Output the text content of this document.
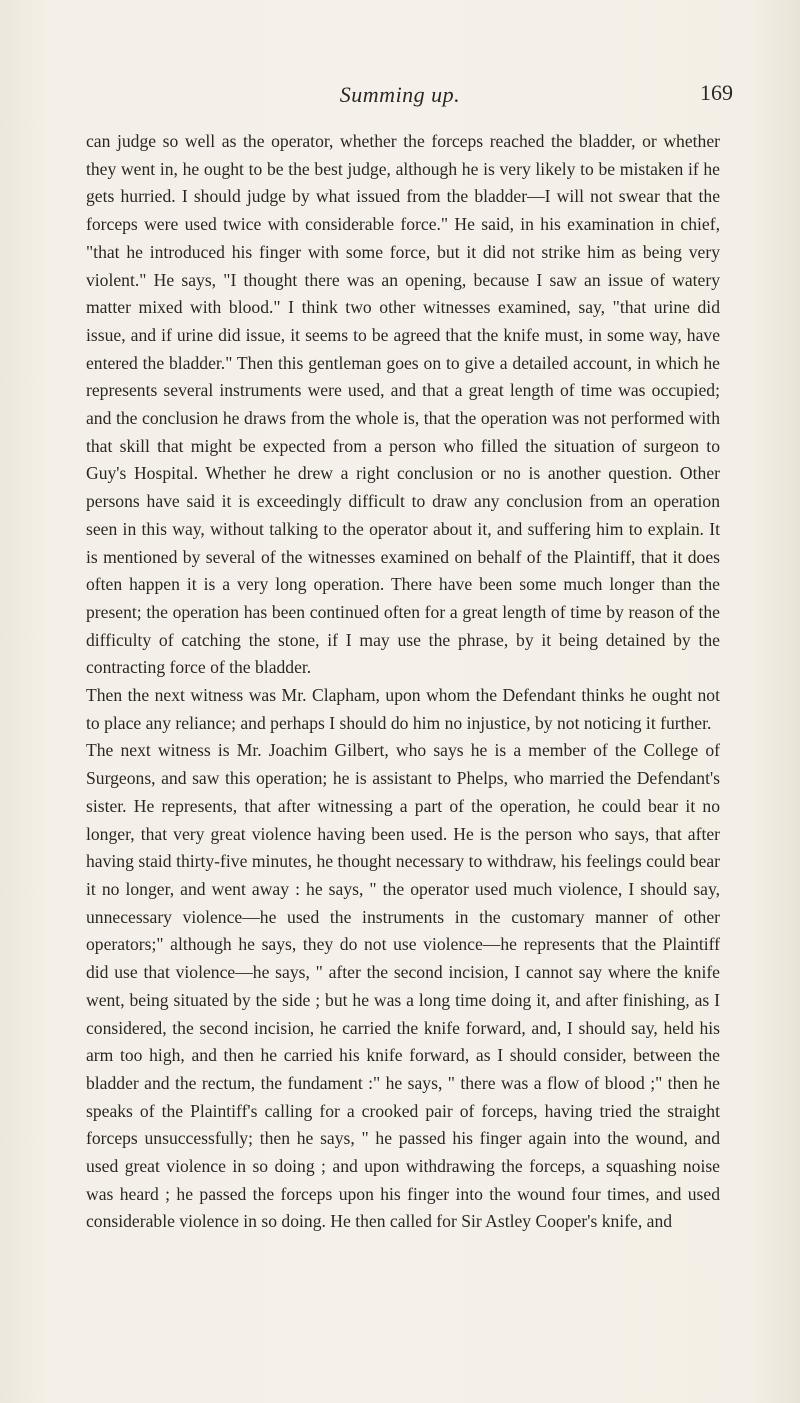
Summing up.	169

can judge so well as the operator, whether the forceps reached the bladder, or whether they went in, he ought to be the best judge, although he is very likely to be mistaken if he gets hurried. I should judge by what issued from the bladder—I will not swear that the forceps were used twice with considerable force." He said, in his examination in chief, "that he introduced his finger with some force, but it did not strike him as being very violent." He says, "I thought there was an opening, because I saw an issue of watery matter mixed with blood." I think two other witnesses examined, say, "that urine did issue, and if urine did issue, it seems to be agreed that the knife must, in some way, have entered the bladder." Then this gentleman goes on to give a detailed account, in which he represents several instruments were used, and that a great length of time was occupied; and the conclusion he draws from the whole is, that the operation was not performed with that skill that might be expected from a person who filled the situation of surgeon to Guy's Hospital. Whether he drew a right conclusion or no is another question. Other persons have said it is exceedingly difficult to draw any conclusion from an operation seen in this way, without talking to the operator about it, and suffering him to explain. It is mentioned by several of the witnesses examined on behalf of the Plaintiff, that it does often happen it is a very long operation. There have been some much longer than the present; the operation has been continued often for a great length of time by reason of the difficulty of catching the stone, if I may use the phrase, by it being detained by the contracting force of the bladder.

Then the next witness was Mr. Clapham, upon whom the Defendant thinks he ought not to place any reliance; and perhaps I should do him no injustice, by not noticing it further.

The next witness is Mr. Joachim Gilbert, who says he is a member of the College of Surgeons, and saw this operation; he is assistant to Phelps, who married the Defendant's sister. He represents, that after witnessing a part of the operation, he could bear it no longer, that very great violence having been used. He is the person who says, that after having staid thirty-five minutes, he thought necessary to withdraw, his feelings could bear it no longer, and went away : he says, " the operator used much violence, I should say, unnecessary violence—he used the instruments in the customary manner of other operators;" although he says, they do not use violence—he represents that the Plaintiff did use that violence—he says, " after the second incision, I cannot say where the knife went, being situated by the side ; but he was a long time doing it, and after finishing, as I considered, the second incision, he carried the knife forward, and, I should say, held his arm too high, and then he carried his knife forward, as I should consider, between the bladder and the rectum, the fundament :" he says, " there was a flow of blood ;" then he speaks of the Plaintiff's calling for a crooked pair of forceps, having tried the straight forceps unsuccessfully; then he says, " he passed his finger again into the wound, and used great violence in so doing ; and upon withdrawing the forceps, a squashing noise was heard ; he passed the forceps upon his finger into the wound four times, and used considerable violence in so doing. He then called for Sir Astley Cooper's knife, and
